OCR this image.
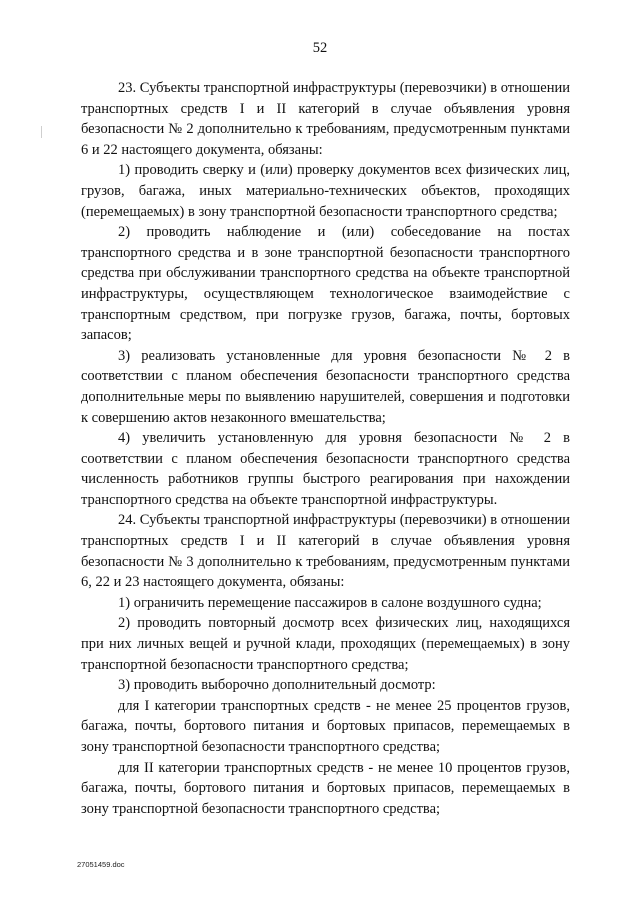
52

23. Субъекты транспортной инфраструктуры (перевозчики) в отношении транспортных средств I и II категорий в случае объявления уровня безопасности № 2 дополнительно к требованиям, предусмотренным пунктами 6 и 22 настоящего документа, обязаны:

1) проводить сверку и (или) проверку документов всех физических лиц, грузов, багажа, иных материально-технических объектов, проходящих (перемещаемых) в зону транспортной безопасности транспортного средства;

2) проводить наблюдение и (или) собеседование на постах транспортного средства и в зоне транспортной безопасности транспортного средства при обслуживании транспортного средства на объекте транспортной инфраструктуры, осуществляющем технологическое взаимодействие с транспортным средством, при погрузке грузов, багажа, почты, бортовых запасов;

3) реализовать установленные для уровня безопасности № 2 в соответствии с планом обеспечения безопасности транспортного средства дополнительные меры по выявлению нарушителей, совершения и подготовки к совершению актов незаконного вмешательства;

4) увеличить установленную для уровня безопасности № 2 в соответствии с планом обеспечения безопасности транспортного средства численность работников группы быстрого реагирования при нахождении транспортного средства на объекте транспортной инфраструктуры.

24. Субъекты транспортной инфраструктуры (перевозчики) в отношении транспортных средств I и II категорий в случае объявления уровня безопасности № 3 дополнительно к требованиям, предусмотренным пунктами 6, 22 и 23 настоящего документа, обязаны:

1) ограничить перемещение пассажиров в салоне воздушного судна;

2) проводить повторный досмотр всех физических лиц, находящихся при них личных вещей и ручной клади, проходящих (перемещаемых) в зону транспортной безопасности транспортного средства;

3) проводить выборочно дополнительный досмотр:

для I категории транспортных средств - не менее 25 процентов грузов, багажа, почты, бортового питания и бортовых припасов, перемещаемых в зону транспортной безопасности транспортного средства;

для II категории транспортных средств - не менее 10 процентов грузов, багажа, почты, бортового питания и бортовых припасов, перемещаемых в зону транспортной безопасности транспортного средства;

27051459.doc
